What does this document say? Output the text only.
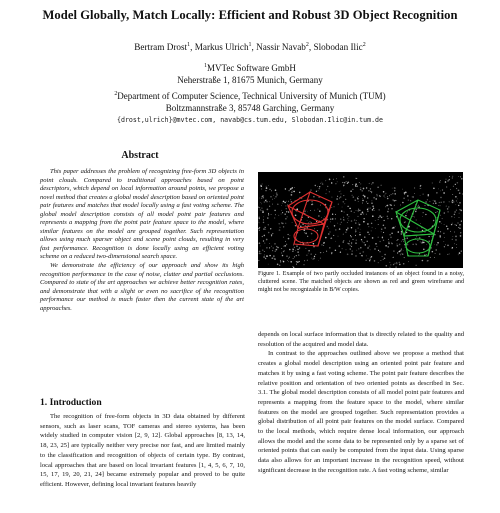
Model Globally, Match Locally: Efficient and Robust 3D Object Recognition
Bertram Drost$^1$, Markus Ulrich$^1$, Nassir Navab$^2$, Slobodan Ilic$^2$
$^1$MVTec Software GmbH
Neherstraße 1, 81675 Munich, Germany
$^2$Department of Computer Science, Technical University of Munich (TUM)
Boltzmannstraße 3, 85748 Garching, Germany
{drost,ulrich}@mvtec.com, navab@cs.tum.edu, Slobodan.Ilic@in.tum.de
Abstract

This paper addresses the problem of recognizing free-form 3D objects in point clouds. Compared to traditional approaches based on point descriptors, which depend on local information around points, we propose a novel method that creates a global model description based on oriented point pair features and matches that model locally using a fast voting scheme. The global model description consists of all model point pair features and represents a mapping from the point pair feature space to the model, where similar features on the model are grouped together. Such representation allows using much sparser object and scene point clouds, resulting in very fast performance. Recognition is done locally using an efficient voting scheme on a reduced two-dimensional search space.

We demonstrate the efficiency of our approach and show its high recognition performance in the case of noise, clutter and partial occlusions. Compared to state of the art approaches we achieve better recognition rates, and demonstrate that with a slight or even no sacrifice of the recognition performance our method is much faster then the current state of the art approaches.

1. Introduction

The recognition of free-form objects in 3D data obtained by different sensors, such as laser scans, TOF cameras and stereo systems, has been widely studied in computer vision [2, 9, 12]. Global approaches [8, 13, 14, 18, 23, 25] are typically neither very precise nor fast, and are limited mainly to the classification and recognition of objects of certain type. By contrast, local approaches that are based on local invariant features [1, 4, 5, 6, 7, 10, 15, 17, 19, 20, 21, 24] became extremely popular and proved to be quite efficient. However, defining local invariant features heavily

Figure 1. Example of two partly occluded instances of an object found in a noisy, cluttered scene. The matched objects are shown as red and green wireframe and might not be recognizable in B/W copies.

depends on local surface information that is directly related to the quality and resolution of the acquired and model data.

In contrast to the approaches outlined above we propose a method that creates a global model description using an oriented point pair feature and matches it by using a fast voting scheme. The point pair feature describes the relative position and orientation of two oriented points as described in Sec. 3.1. The global model description consists of all model point pair features and represents a mapping from the feature space to the model, where similar features on the model are grouped together. Such representation provides a global distribution of all point pair features on the model surface. Compared to the local methods, which require dense local information, our approach allows the model and the scene data to be represented only by a sparse set of oriented points that can easily be computed from the input data. Using sparse data also allows for an important increase in the recognition speed, without significant decrease in the recognition rate. A fast voting scheme, similar
